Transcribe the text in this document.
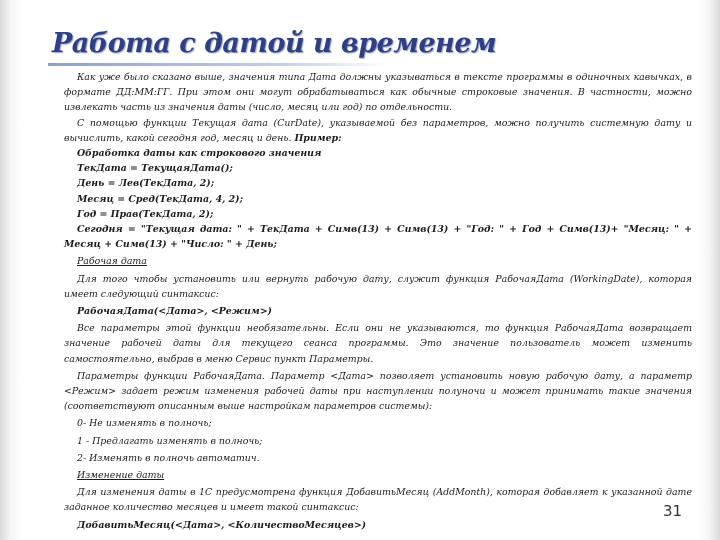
Работа с датой и временем

Как уже было сказано выше, значения типа Дата должны указываться в тексте программы в одиночных кавычках, в формате ДД:ММ:ГГ. При этом они могут обрабатываться как обычные строковые значения. В частности, можно извлекать часть из значения даты (число, месяц или год) по отдельности.

С помощью функции Текущая дата (CurDate), указываемой без параметров, можно получить системную дату и вычислить, какой сегодня год, месяц и день. Пример:

Обработка даты как строкового значения

ТекДата = ТекущаяДата();

День = Лев(ТекДата, 2);

Месяц = Сред(ТекДата, 4, 2);

Год = Прав(ТекДата, 2);

Сегодня = "Текущая дата: " + ТекДата + Симв(13) + Симв(13) + "Год: " + Год + Симв(13)+ "Месяц: " + Месяц + Симв(13) + "Число: " + День;

Рабочая дата

Для того чтобы установить или вернуть рабочую дату, служит функция РабочаяДата (WorkingDate), которая имеет следующий синтаксис:

РабочаяДата(<Дата>, <Режим>)

Все параметры этой функции необязательны. Если они не указываются, то функция РабочаяДата возвращает значение рабочей даты для текущего сеанса программы. Это значение пользователь может изменить самостоятельно, выбрав в меню Сервис пункт Параметры.

Параметры функции РабочаяДата. Параметр <Дата> позволяет установить новую рабочую дату, а параметр <Режим> задает режим изменения рабочей даты при наступлении полуночи и может принимать такие значения (соответствуют описанным выше настройкам параметров системы):

0- Не изменять в полночь;

1 - Предлагать изменять в полночь;

2- Изменять в полночь автоматич.

Изменение даты

Для изменения даты в 1С предусмотрена функция ДобавитьМесяц (AddMonth), которая добавляет к указанной дате заданное количество месяцев и имеет такой синтаксис:

ДобавитьМесяц(<Дата>, <КоличествоМесяцев>)

31
